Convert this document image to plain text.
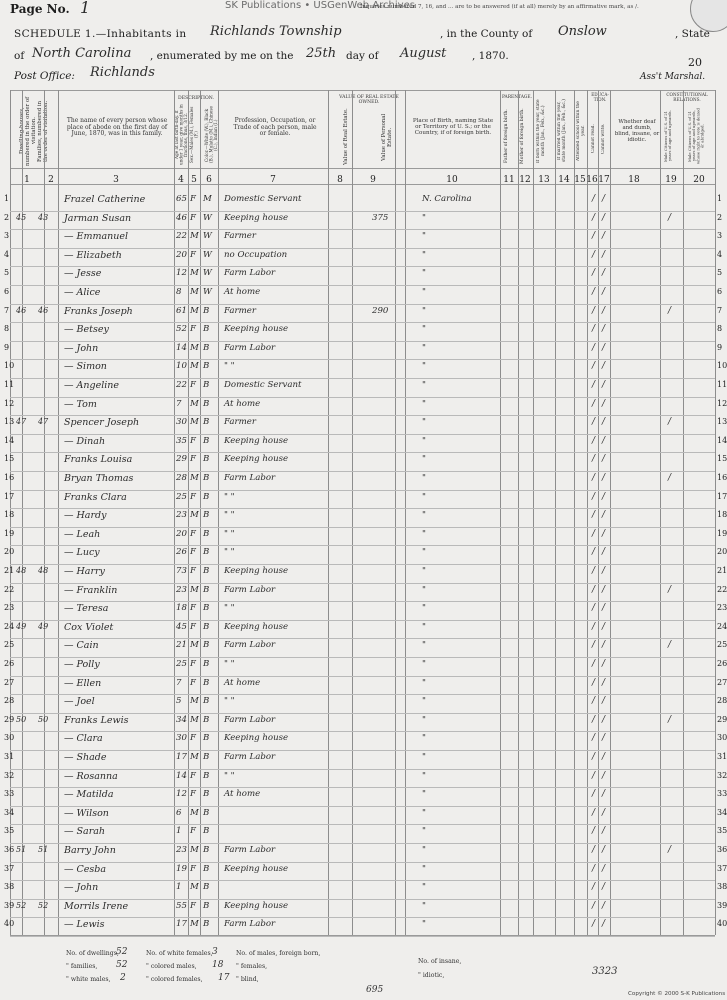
SK Publications • USGenWeb Archives
Page No. 1	Inquiries numbered 7, 16, and ... are to be answered (if at all) merely by an affirmative mark, as /.
SCHEDULE 1.—Inhabitants in Richlands Township	, in the County of Onslow	, State
of North Carolina , enumerated by me on the 25th day of August , 1870.	20
Post Office: Richlands	Ass't Marshal.
Dwelling-houses, numbered in the order of visitation. Families, numbered in the order of visitation.	The name of every person whose place of abode on the first day of June, 1870, was in this family.
DESCRIPTION.
Age at last birth-day. If under 1 year, give months in fractions, thus, 3/12. Sex.—Males (M.), Females (F.)	Color.—White (W.), Black (B.), Mulatto (M.), Chinese (C.), Indian (I.)	Profession, Occupation, or Trade of each person, male or female.
VALUE OF REAL ESTATE OWNED.
Value of Real Estate.	Value of Personal Estate.
Place of Birth, naming State or Territory of U. S.; or the Country, if of foreign birth.
PARENTAGE.
Father of foreign birth.	Mother of foreign birth.	If born within the year, state month (Jan., Feb., &c.)	If married within the year, state month (Jan., Feb., &c.)	Attended school within the year.
EDUCA-TION.
Cannot read.	Cannot write.
Whether deaf and dumb, blind, insane, or idiotic.
CONSTITUTIONAL RELATIONS.
Male Citizens of U.S. of 21 years of age and upwards.	Male Citizens of U.S. of 21 years of age and upwards, whose right to vote is denied or abridged.
No. of dwellings,
52
" families, 52
" white males, 2
No. of white females, 3
" colored males, 18
" colored females, 17
No. of males, foreign born,
" females,
" blind,
No. of insane,
" idiotic,
695
3323
Copyright © 2000 S-K Publications
1	2	3	4 5	6	7	8	9	10	11 12 13 14 15 16 17 18	19 20
1	Frazel Catherine	65 F M Domestic Servant	N. Carolina	/ /	1
2 45 43 Jarman Susan	46 F W Keeping house	375	"	/ /	/	2
3	— Emmanuel	22 M W Farmer	"	/ /	3
4	— Elizabeth	20 F W no Occupation	"	/ /	4
5	— Jesse	12 M W Farm Labor	"	/ /	5
6	— Alice	8 M W At home	"	/ /	6
7 46 46 Franks Joseph	61 M B Farmer	290	"	/ /	/	7
8	— Betsey	52 F B Keeping house	"	/ /	8
9	— John	14 M B Farm Labor	"	/ /	9
10	— Simon	10 M B " "	"	/ /	10
11	— Angeline	22 F B Domestic Servant	"	/ /	11
12	— Tom	7 M B At home	"	/ /	12
13 47 47 Spencer Joseph	30 M B Farmer	"	/ /	/	13
14	— Dinah	35 F B Keeping house	"	/ /	14
15	Franks Louisa	29 F B Keeping house	"	/ /	15
16	Bryan Thomas	28 M B Farm Labor	"	/ /	/	16
17	Franks Clara	25 F B " "	"	/ /	17
18	— Hardy	23 M B " "	"	/ /	18
19	— Leah	20 F B " "	"	/ /	19
20	— Lucy	26 F B " "	"	/ /	20
21 48 48 — Harry	73 F B Keeping house	"	/ /	21
22	— Franklin	23 M B Farm Labor	"	/ /	/	22
23	— Teresa	18 F B " "	"	/ /	23
24 49 49 Cox Violet	45 F B Keeping house	"	/ /	24
25	— Cain	21 M B Farm Labor	"	/ /	/	25
26	— Polly	25 F B " "	"	/ /	26
27	— Ellen	7 F B At home	"	/ /	27
28	— Joel	5 M B " "	"	/ /	28
29 50 50 Franks Lewis	34 M B Farm Labor	"	/ /	/	29
30	— Clara	30 F B Keeping house	"	/ /	30
31	— Shade	17 M B Farm Labor	"	/ /	31
32	— Rosanna	14 F B " "	"	/ /	32
33	— Matilda	12 F B At home	"	/ /	33
34	— Wilson	6 M B	"	/ /	34
35	— Sarah	1 F B	"	/ /	35
36 51 51 Barry John	23 M B Farm Labor	"	/ /	/	36
37	— Cesba	19 F B Keeping house	"	/ /	37
38	— John	1 M B	"	/ /	38
39 52 52 Morrils Irene	55 F B Keeping house	"	/ /	39
40	— Lewis	17 M B Farm Labor	"	/ /	40
